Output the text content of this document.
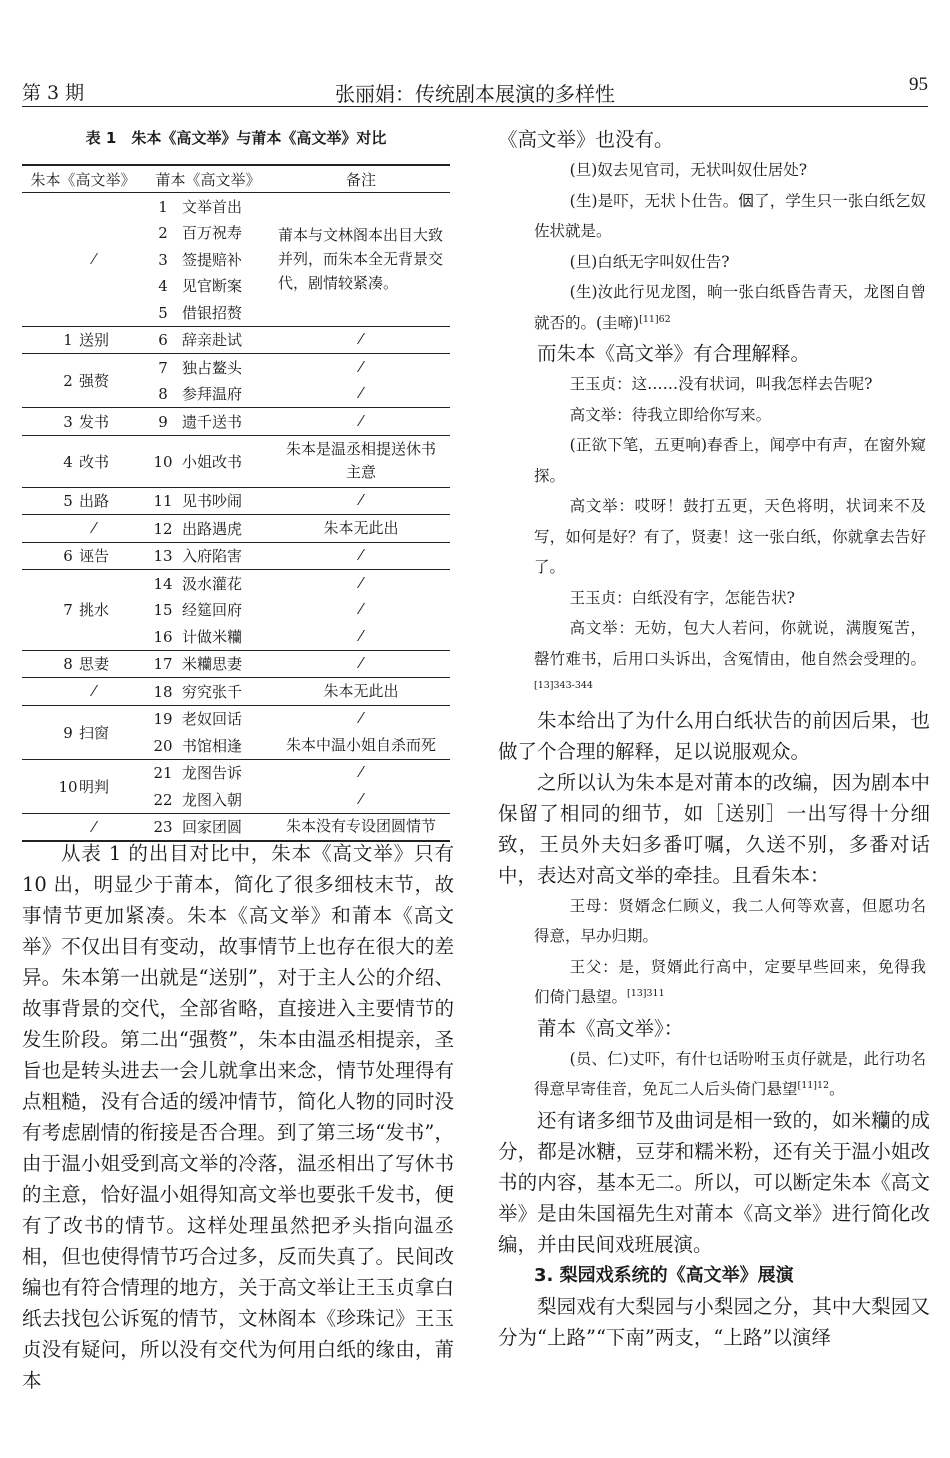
第 3 期	张丽娟：传统剧本展演的多样性	95
表 1　朱本《高文举》与莆本《高文举》对比
朱本《高文举》	莆本《高文举》	备注
⁄	1 文举首出	莆本与文林阁本出目大致并列，而朱本全无背景交代，剧情较紧凑。
	2 百万祝寿	
	3 签提赔补	
	4 见官断案	
	5 借银招赘	
1 送别	6 辞亲赴试	⁄
2 强赘	7 独占鳌头	⁄
	8 参拜温府	⁄
3 发书	9 遗千送书	⁄
4 改书	10 小姐改书	朱本是温丞相提送休书主意
5 出路	11 见书吵闹	⁄
⁄	12 出路遇虎	朱本无此出
6 诬告	13 入府陷害	⁄
7 挑水	14 汲水灌花	⁄
	15 经筵回府	⁄
	16 计做米糷	⁄
8 思妻	17 米糷思妻	⁄
⁄	18 穷究张千	朱本无此出
9 扫窗	19 老奴回话	⁄
	20 书馆相逢	朱本中温小姐自杀而死
10明判	21 龙图告诉	⁄
	22 龙图入朝	⁄
⁄	23 回家团圆	朱本没有专设团圆情节

从表 1 的出目对比中，朱本《高文举》只有 10 出，明显少于莆本，简化了很多细枝末节，故事情节更加紧凑。朱本《高文举》和莆本《高文举》不仅出目有变动，故事情节上也存在很大的差异。朱本第一出就是“送别”，对于主人公的介绍、故事背景的交代，全部省略，直接进入主要情节的发生阶段。第二出“强赘”，朱本由温丞相提亲，圣旨也是转头进去一会儿就拿出来念，情节处理得有点粗糙，没有合适的缓冲情节，简化人物的同时没有考虑剧情的衔接是否合理。到了第三场“发书”，由于温小姐受到高文举的冷落，温丞相出了写休书的主意，恰好温小姐得知高文举也要张千发书，便有了改书的情节。这样处理虽然把矛头指向温丞相，但也使得情节巧合过多，反而失真了。民间改编也有符合情理的地方，关于高文举让王玉贞拿白纸去找包公诉冤的情节，文林阁本《珍珠记》王玉贞没有疑问，所以没有交代为何用白纸的缘由，莆本

《高文举》也没有。

(旦)奴去见官司，无状叫奴仕居处?

(生)是吓，无状卜仕告。𪜶了，学生只一张白纸乞奴佐状就是。

(旦)白纸无字叫奴仕告?

(生)汝此行见龙图，晌一张白纸昏告青天，龙图自曾就否的。(圭啼)$^{[11]62}$

而朱本《高文举》有合理解释。

王玉贞：这……没有状词，叫我怎样去告呢?

高文举：待我立即给你写来。

(正欲下笔，五更响)春香上，闻亭中有声，在窗外窥探。

高文举：哎呀！鼓打五更，天色将明，状词来不及写，如何是好？有了，贤妻！这一张白纸，你就拿去告好了。

王玉贞：白纸没有字，怎能告状?

高文举：无妨，包大人若问，你就说，满腹冤苦，罄竹难书，后用口头诉出，含冤情由，他自然会受理的。$^{[13]343-344}$

朱本给出了为什么用白纸状告的前因后果，也做了个合理的解释，足以说服观众。

之所以认为朱本是对莆本的改编，因为剧本中保留了相同的细节，如［送别］一出写得十分细致，王员外夫妇多番叮嘱，久送不别，多番对话中，表达对高文举的牵挂。且看朱本：

王母：贤婿念仁顾义，我二人何等欢喜，但愿功名得意，早办归期。

王父：是，贤婿此行高中，定要早些回来，免得我们倚门悬望。$^{[13]311}$

莆本《高文举》：

(员、仁)丈吓，有什乜话吩咐玉贞仔就是，此行功名得意早寄佳音，免瓦二人后头倚门悬望$^{[11]12}$。

还有诸多细节及曲词是相一致的，如米糷的成分，都是冰糖，豆芽和糯米粉，还有关于温小姐改书的内容，基本无二。所以，可以断定朱本《高文举》是由朱国福先生对莆本《高文举》进行简化改编，并由民间戏班展演。

3. 梨园戏系统的《高文举》展演

梨园戏有大梨园与小梨园之分，其中大梨园又分为“上路”“下南”两支，“上路”以演绎
